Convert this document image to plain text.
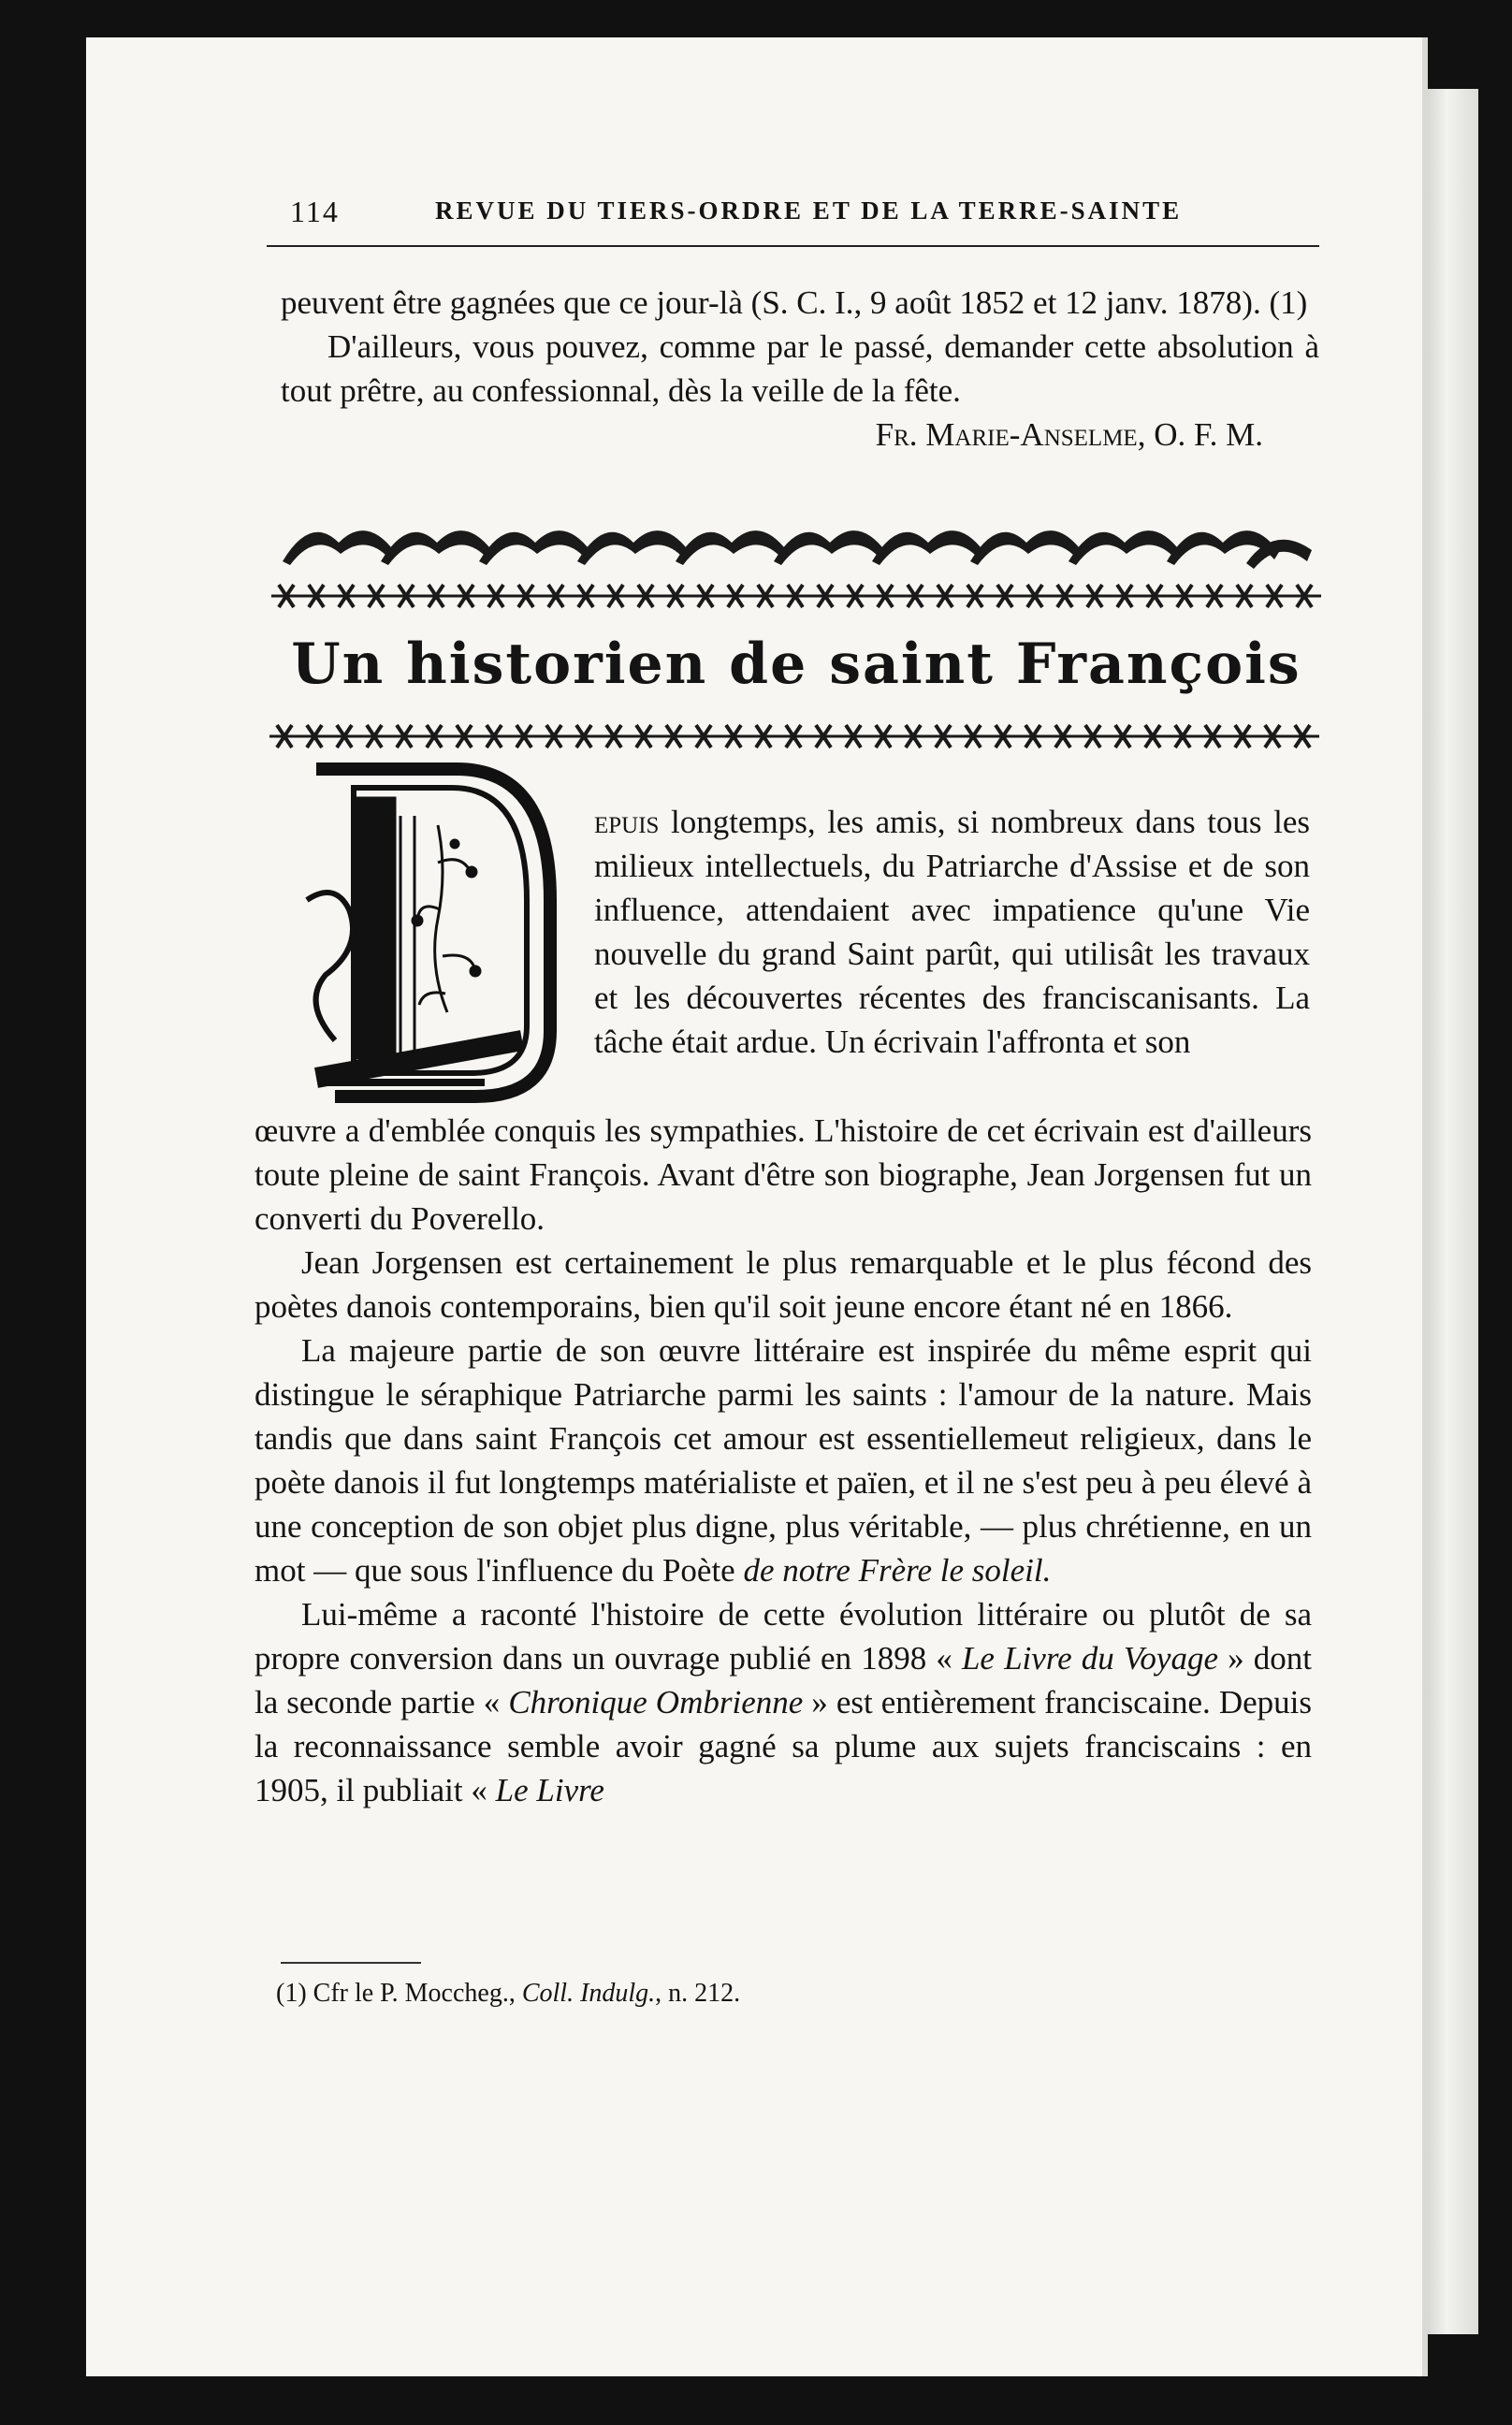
114	REVUE DU TIERS-ORDRE ET DE LA TERRE-SAINTE

peuvent être gagnées que ce jour-là (S. C. I., 9 août 1852 et 12 janv. 1878). (1)

D'ailleurs, vous pouvez, comme par le passé, demander cette absolution à tout prêtre, au confessionnal, dès la veille de la fête.

Fr. Marie-Anselme, O. F. M.

Un historien de saint François

epuis longtemps, les amis, si nombreux dans tous les milieux intellectuels, du Patriarche d'Assise et de son influence, attendaient avec impatience qu'une Vie nouvelle du grand Saint parût, qui utilisât les travaux et les découvertes récentes des franciscanisants. La tâche était ardue. Un écrivain l'affronta et son

œuvre a d'emblée conquis les sympathies. L'histoire de cet écrivain est d'ailleurs toute pleine de saint François. Avant d'être son biographe, Jean Jorgensen fut un converti du Poverello.

Jean Jorgensen est certainement le plus remarquable et le plus fécond des poètes danois contemporains, bien qu'il soit jeune encore étant né en 1866.

La majeure partie de son œuvre littéraire est inspirée du même esprit qui distingue le séraphique Patriarche parmi les saints : l'amour de la nature. Mais tandis que dans saint François cet amour est essentiellemeut religieux, dans le poète danois il fut longtemps matérialiste et païen, et il ne s'est peu à peu élevé à une conception de son objet plus digne, plus véritable, — plus chrétienne, en un mot — que sous l'influence du Poète de notre Frère le soleil.

Lui-même a raconté l'histoire de cette évolution littéraire ou plutôt de sa propre conversion dans un ouvrage publié en 1898 « Le Livre du Voyage » dont la seconde partie « Chronique Ombrienne » est entièrement franciscaine. Depuis la reconnaissance semble avoir gagné sa plume aux sujets franciscains : en 1905, il publiait « Le Livre

(1) Cfr le P. Moccheg., Coll. Indulg., n. 212.
